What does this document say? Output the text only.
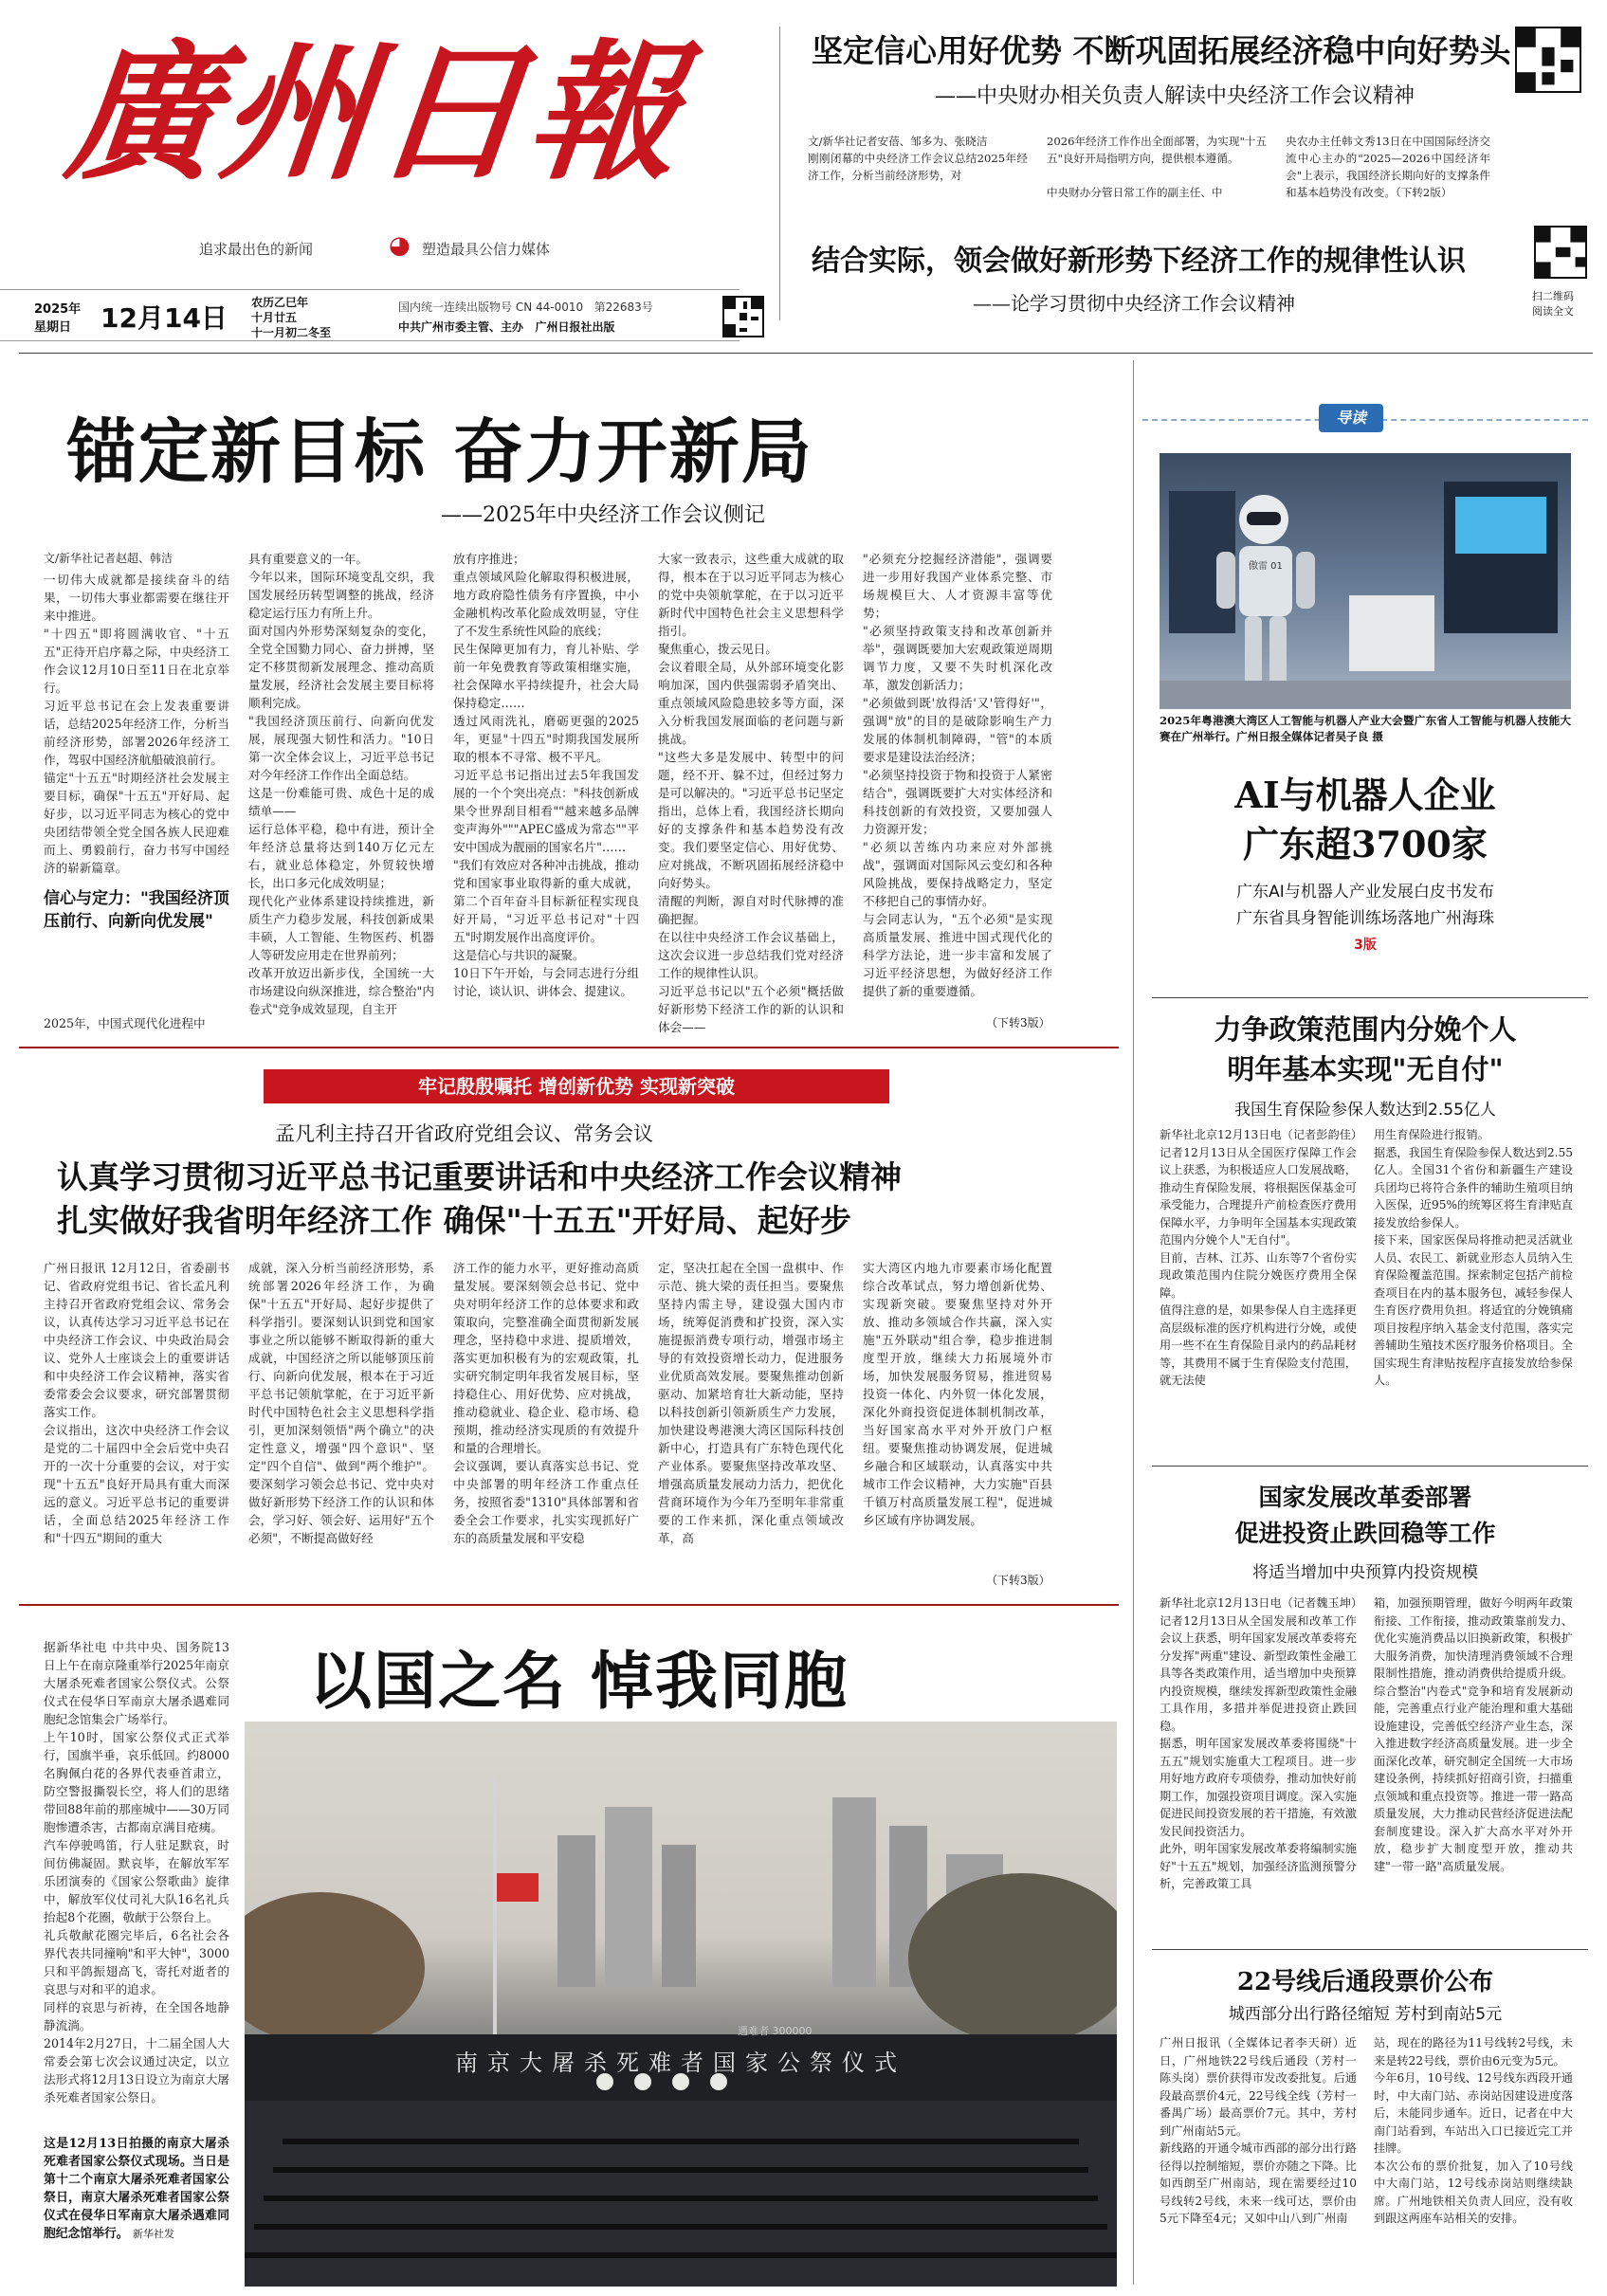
廣州日報
追求最出色的新闻	◕ 塑造最具公信力媒体
2025年
星期日 12月14日 农历乙巳年
十月廿五
十一月初二冬至
国内统一连续出版物号 CN 44-0010   第22683号
中共广州市委主管、主办   广州日报社出版
坚定信心用好优势 不断巩固拓展经济稳中向好势头
——中央财办相关负责人解读中央经济工作会议精神
文/新华社记者安蓓、邹多为、张晓洁
刚刚闭幕的中央经济工作会议总结2025年经济工作，分析当前经济形势，对
2026年经济工作作出全面部署，为实现"十五五"良好开局指明方向，提供根本遵循。
中央财办分管日常工作的副主任、中
央农办主任韩文秀13日在中国国际经济交流中心主办的"2025—2026中国经济年会"上表示，我国经济长期向好的支撑条件和基本趋势没有改变。（下转2版）
结合实际，领会做好新形势下经济工作的规律性认识
——论学习贯彻中央经济工作会议精神	扫二维码
阅读全文
锚定新目标 奋力开新局
——2025年中央经济工作会议侧记
文/新华社记者赵超、韩洁
一切伟大成就都是接续奋斗的结果，一切伟大事业都需要在继往开来中推进。
"十四五"即将圆满收官、"十五五"正待开启序幕之际，中央经济工作会议12月10日至11日在北京举行。
习近平总书记在会上发表重要讲话，总结2025年经济工作，分析当前经济形势，部署2026年经济工作，驾驭中国经济航船破浪前行。
锚定"十五五"时期经济社会发展主要目标，确保"十五五"开好局、起好步，以习近平同志为核心的党中央团结带领全党全国各族人民迎难而上、勇毅前行，奋力书写中国经济的崭新篇章。
信心与定力："我国经济顶压前行、向新向优发展"
2025年，中国式现代化进程中
具有重要意义的一年。
今年以来，国际环境变乱交织，我国发展经历转型调整的挑战，经济稳定运行压力有所上升。
面对国内外形势深刻复杂的变化，全党全国勠力同心、奋力拼搏，坚定不移贯彻新发展理念、推动高质量发展，经济社会发展主要目标将顺利完成。
"我国经济顶压前行、向新向优发展，展现强大韧性和活力。"10日第一次全体会议上，习近平总书记对今年经济工作作出全面总结。
这是一份难能可贵、成色十足的成绩单——
运行总体平稳，稳中有进，预计全年经济总量将达到140万亿元左右，就业总体稳定，外贸较快增长，出口多元化成效明显；
现代化产业体系建设持续推进，新质生产力稳步发展，科技创新成果丰硕，人工智能、生物医药、机器人等研发应用走在世界前列；
改革开放迈出新步伐，全国统一大市场建设向纵深推进，综合整治"内卷式"竞争成效显现，自主开
放有序推进；
重点领域风险化解取得积极进展，地方政府隐性债务有序置换，中小金融机构改革化险成效明显，守住了不发生系统性风险的底线；
民生保障更加有力，育儿补贴、学前一年免费教育等政策相继实施，社会保障水平持续提升，社会大局保持稳定……
透过风雨洗礼，磨砺更强的2025年，更显"十四五"时期我国发展所取的根本不寻常、极不平凡。
习近平总书记指出过去5年我国发展的一个个突出亮点："科技创新成果令世界刮目相看""越来越多品牌变声海外"""APEC盛成为常态""平安中国成为靓丽的国家名片"……
"我们有效应对各种冲击挑战，推动党和国家事业取得新的重大成就，第二个百年奋斗目标新征程实现良好开局，"习近平总书记对"十四五"时期发展作出高度评价。
这是信心与共识的凝聚。
10日下午开始，与会同志进行分组讨论，谈认识、讲体会、提建议。
大家一致表示，这些重大成就的取得，根本在于以习近平同志为核心的党中央领航掌舵，在于以习近平新时代中国特色社会主义思想科学指引。
聚焦重心，拨云见日。
会议着眼全局，从外部环境变化影响加深，国内供强需弱矛盾突出、重点领域风险隐患较多等方面，深入分析我国发展面临的老问题与新挑战。
"这些大多是发展中、转型中的问题，经不开、躲不过，但经过努力是可以解决的。"习近平总书记坚定指出，总体上看，我国经济长期向好的支撑条件和基本趋势没有改变。我们要坚定信心、用好优势、应对挑战，不断巩固拓展经济稳中向好势头。
清醒的判断，源自对时代脉搏的准确把握。
在以往中央经济工作会议基础上，这次会议进一步总结我们党对经济工作的规律性认识。
习近平总书记以"五个必须"概括做好新形势下经济工作的新的认识和体会——
"必须充分挖掘经济潜能"，强调要进一步用好我国产业体系完整、市场规模巨大、人才资源丰富等优势；
"必须坚持政策支持和改革创新并举"，强调既要加大宏观政策逆周期调节力度，又要不失时机深化改革，激发创新活力；
"必须做到既'放得活'又'管得好'"，强调"放"的目的是破除影响生产力发展的体制机制障碍，"管"的本质要求是建设法治经济；
"必须坚持投资于物和投资于人紧密结合"，强调既要扩大对实体经济和科技创新的有效投资，又要加强人力资源开发；
"必须以苦练内功来应对外部挑战"，强调面对国际风云变幻和各种风险挑战，要保持战略定力，坚定不移把自己的事情办好。
与会同志认为，"五个必须"是实现高质量发展、推进中国式现代化的科学方法论，进一步丰富和发展了习近平经济思想，为做好经济工作提供了新的重要遵循。
（下转3版）
牢记殷殷嘱托 增创新优势 实现新突破
孟凡利主持召开省政府党组会议、常务会议
认真学习贯彻习近平总书记重要讲话和中央经济工作会议精神
扎实做好我省明年经济工作 确保"十五五"开好局、起好步
广州日报讯 12月12日，省委副书记、省政府党组书记、省长孟凡利主持召开省政府党组会议、常务会议，认真传达学习习近平总书记在中央经济工作会议、中央政治局会议、党外人士座谈会上的重要讲话和中央经济工作会议精神，落实省委常委会会议要求，研究部署贯彻落实工作。
会议指出，这次中央经济工作会议是党的二十届四中全会后党中央召开的一次十分重要的会议，对于实现"十五五"良好开局具有重大而深远的意义。习近平总书记的重要讲话，全面总结2025年经济工作和"十四五"期间的重大
成就，深入分析当前经济形势，系统部署2026年经济工作，为确保"十五五"开好局、起好步提供了科学指引。要深刻认识到党和国家事业之所以能够不断取得新的重大成就，中国经济之所以能够顶压前行、向新向优发展，根本在于习近平总书记领航掌舵，在于习近平新时代中国特色社会主义思想科学指引，更加深刻领悟"两个确立"的决定性意义，增强"四个意识"、坚定"四个自信"、做到"两个维护"。要深刻学习领会总书记、党中央对做好新形势下经济工作的认识和体会，学习好、领会好、运用好"五个必须"，不断提高做好经
济工作的能力水平，更好推动高质量发展。要深刻领会总书记、党中央对明年经济工作的总体要求和政策取向，完整准确全面贯彻新发展理念，坚持稳中求进、提质增效，落实更加积极有为的宏观政策，扎实研究制定明年我省发展目标，坚持稳住心、用好优势、应对挑战，推动稳就业、稳企业、稳市场、稳预期，推动经济实现质的有效提升和量的合理增长。
会议强调，要认真落实总书记、党中央部署的明年经济工作重点任务，按照省委"1310"具体部署和省委全会工作要求，扎实实现抓好广东的高质量发展和平安稳
定，坚决扛起在全国一盘棋中、作示范、挑大梁的责任担当。要聚焦坚持内需主导，建设强大国内市场，统筹促消费和扩投资，深入实施提振消费专项行动，增强市场主导的有效投资增长动力，促进服务业优质高效发展。要聚焦推动创新驱动、加紧培育壮大新动能，坚持以科技创新引领新质生产力发展，加快建设粤港澳大湾区国际科技创新中心，打造具有广东特色现代化产业体系。要聚焦坚持改革攻坚、增强高质量发展动力活力，把优化营商环境作为今年乃至明年非常重要的工作来抓，深化重点领域改革，高
实大湾区内地九市要素市场化配置综合改革试点，努力增创新优势、实现新突破。要聚焦坚持对外开放、推动多领域合作共赢，深入实施"五外联动"组合拳，稳步推进制度型开放，继续大力拓展境外市场，加快发展服务贸易，推进贸易投资一体化、内外贸一体化发展，深化外商投资促进体制机制改革，当好国家高水平对外开放门户枢纽。要聚焦推动协调发展，促进城乡融合和区域联动，认真落实中共城市工作会议精神，大力实施"百县千镇万村高质量发展工程"，促进城乡区域有序协调发展。
（下转3版）
据新华社电 中共中央、国务院13日上午在南京隆重举行2025年南京大屠杀死难者国家公祭仪式。公祭仪式在侵华日军南京大屠杀遇难同胞纪念馆集会广场举行。
上午10时，国家公祭仪式正式举行，国旗半垂，哀乐低回。约8000名胸佩白花的各界代表垂首肃立，防空警报撕裂长空，将人们的思绪带回88年前的那座城中——30万同胞惨遭杀害，古都南京满目疮痍。
汽车停驶鸣笛，行人驻足默哀，时间仿佛凝固。默哀毕，在解放军军乐团演奏的《国家公祭歌曲》旋律中，解放军仪仗司礼大队16名礼兵抬起8个花圈，敬献于公祭台上。
礼兵敬献花圈完毕后，6名社会各界代表共同撞响"和平大钟"，3000只和平鸽振翅高飞，寄托对逝者的哀思与对和平的追求。
同样的哀思与祈祷，在全国各地静静流淌。
2014年2月27日，十二届全国人大常委会第七次会议通过决定，以立法形式将12月13日设立为南京大屠杀死难者国家公祭日。
这是12月13日拍摄的南京大屠杀死难者国家公祭仪式现场。当日是第十二个南京大屠杀死难者国家公祭日，南京大屠杀死难者国家公祭仪式在侵华日军南京大屠杀遇难同胞纪念馆举行。 新华社发
以国之名 悼我同胞
南京大屠杀死难者国家公祭仪式
遇难者 300000
导读
傲雷 01
2025年粤港澳大湾区人工智能与机器人产业大会暨广东省人工智能与机器人技能大赛在广州举行。广州日报全媒体记者吴子良 摄
AI与机器人企业
广东超3700家
广东AI与机器人产业发展白皮书发布
广东省具身智能训练场落地广州海珠
3版
力争政策范围内分娩个人
明年基本实现"无自付"
我国生育保险参保人数达到2.55亿人
新华社北京12月13日电（记者彭韵佳）记者12月13日从全国医疗保障工作会议上获悉，为积极适应人口发展战略，推动生育保险发展，将根据医保基金可承受能力，合理提升产前检查医疗费用保障水平，力争明年全国基本实现政策范围内分娩个人"无自付"。
目前，吉林、江苏、山东等7个省份实现政策范围内住院分娩医疗费用全保障。
值得注意的是，如果参保人自主选择更高层级标准的医疗机构进行分娩，或使用一些不在生育保险目录内的药品耗材等，其费用不属于生育保险支付范围，就无法使
用生育保险进行报销。
据悉，我国生育保险参保人数达到2.55亿人。全国31个省份和新疆生产建设兵团均已将符合条件的辅助生殖项目纳入医保，近95%的统筹区将生育津贴直接发放给参保人。
接下来，国家医保局将推动把灵活就业人员、农民工、新就业形态人员纳入生育保险覆盖范围。探索制定包括产前检查项目在内的基本服务包，减轻参保人生育医疗费用负担。将适宜的分娩镇痛项目按程序纳入基金支付范围，落实完善辅助生殖技术医疗服务价格项目。全国实现生育津贴按程序直接发放给参保人。
国家发展改革委部署
促进投资止跌回稳等工作
将适当增加中央预算内投资规模
新华社北京12月13日电（记者魏玉坤）记者12月13日从全国发展和改革工作会议上获悉，明年国家发展改革委将充分发挥"两重"建设、新型政策性金融工具等各类政策作用，适当增加中央预算内投资规模，继续发挥新型政策性金融工具作用，多措并举促进投资止跌回稳。
据悉，明年国家发展改革委将围绕"十五五"规划实施重大工程项目。进一步用好地方政府专项债券，推动加快好前期工作，加强投资项目调度。深入实施促进民间投资发展的若干措施，有效激发民间投资活力。
此外，明年国家发展改革委将编制实施好"十五五"规划，加强经济监测预警分析，完善政策工具
箱，加强预期管理，做好今明两年政策衔接、工作衔接，推动政策靠前发力、优化实施消费品以旧换新政策，积极扩大服务消费，加快清理消费领域不合理限制性措施，推动消费供给提质升级。综合整治"内卷式"竞争和培育发展新动能，完善重点行业产能治理和重大基础设施建设，完善低空经济产业生态，深入推进数字经济高质量发展。进一步全面深化改革，研究制定全国统一大市场建设条例，持续抓好招商引资，扫描重点领域和重点投资等。推进一带一路高质量发展，大力推动民营经济促进法配套制度建设。深入扩大高水平对外开放，稳步扩大制度型开放，推动共建"一带一路"高质量发展。
22号线后通段票价公布
城西部分出行路径缩短 芳村到南站5元
广州日报讯（全媒体记者李天研）近日，广州地铁22号线后通段（芳村一陈头岗）票价获得市发改委批复。后通段最高票价4元，22号线全线（芳村一番禺广场）最高票价7元。其中，芳村到广州南站5元。
新线路的开通令城市西部的部分出行路径得以控制缩短，票价亦随之下降。比如西朗至广州南站，现在需要经过10号线转2号线，未来一线可达，票价由5元下降至4元；又如中山八到广州南
站，现在的路径为11号线转2号线，未来是转22号线，票价由6元变为5元。
今年6月，10号线、12号线东西段开通时，中大南门站、赤岗站因建设进度落后，未能同步通车。近日，记者在中大南门站看到，车站出入口已接近完工并挂牌。
本次公布的票价批复，加入了10号线中大南门站，12号线赤岗站则继续缺席。广州地铁相关负责人回应，没有收到跟这两座车站相关的安排。
